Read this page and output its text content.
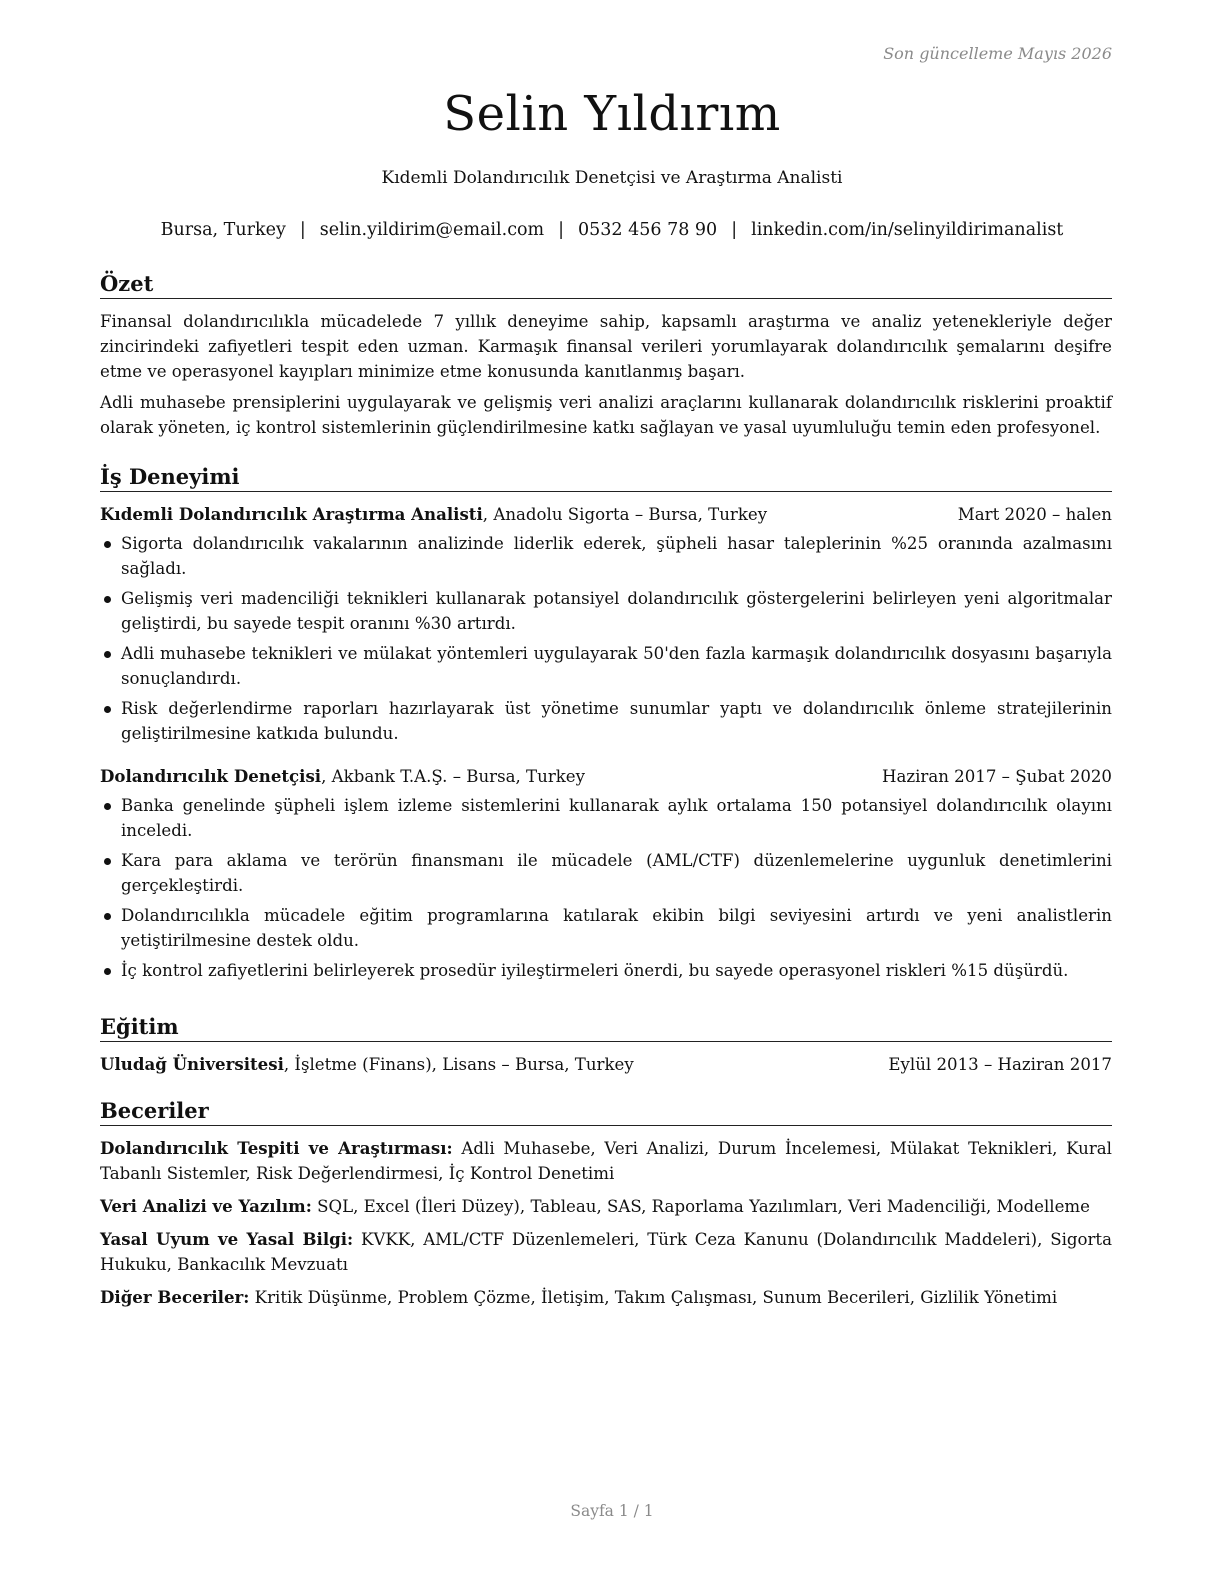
Son güncelleme Mayıs 2026
Selin Yıldırım
Kıdemli Dolandırıcılık Denetçisi ve Araştırma Analisti
Bursa, Turkey | selin.yildirim@email.com | 0532 456 78 90 | linkedin.com/in/selinyildirimanalist
Özet

Finansal dolandırıcılıkla mücadelede 7 yıllık deneyime sahip, kapsamlı araştırma ve analiz yetenekleriyle değer zincirindeki zafiyetleri tespit eden uzman. Karmaşık finansal verileri yorumlayarak dolandırıcılık şemalarını deşifre etme ve operasyonel kayıpları minimize etme konusunda kanıtlanmış başarı.

Adli muhasebe prensiplerini uygulayarak ve gelişmiş veri analizi araçlarını kullanarak dolandırıcılık risklerini proaktif olarak yöneten, iç kontrol sistemlerinin güçlendirilmesine katkı sağlayan ve yasal uyumluluğu temin eden profesyonel.

İş Deneyimi
Kıdemli Dolandırıcılık Araştırma Analisti, Anadolu Sigorta – Bursa, Turkey	Mart 2020 – halen
Sigorta dolandırıcılık vakalarının analizinde liderlik ederek, şüpheli hasar taleplerinin %25 oranında azalmasını sağladı.
Gelişmiş veri madenciliği teknikleri kullanarak potansiyel dolandırıcılık göstergelerini belirleyen yeni algoritmalar geliştirdi, bu sayede tespit oranını %30 artırdı.
Adli muhasebe teknikleri ve mülakat yöntemleri uygulayarak 50'den fazla karmaşık dolandırıcılık dosyasını başarıyla sonuçlandırdı.
Risk değerlendirme raporları hazırlayarak üst yönetime sunumlar yaptı ve dolandırıcılık önleme stratejilerinin geliştirilmesine katkıda bulundu.
Dolandırıcılık Denetçisi, Akbank T.A.Ş. – Bursa, Turkey	Haziran 2017 – Şubat 2020
Banka genelinde şüpheli işlem izleme sistemlerini kullanarak aylık ortalama 150 potansiyel dolandırıcılık olayını inceledi.
Kara para aklama ve terörün finansmanı ile mücadele (AML/CTF) düzenlemelerine uygunluk denetimlerini gerçekleştirdi.
Dolandırıcılıkla mücadele eğitim programlarına katılarak ekibin bilgi seviyesini artırdı ve yeni analistlerin yetiştirilmesine destek oldu.
İç kontrol zafiyetlerini belirleyerek prosedür iyileştirmeleri önerdi, bu sayede operasyonel riskleri %15 düşürdü.
Eğitim
Uludağ Üniversitesi, İşletme (Finans), Lisans – Bursa, Turkey	Eylül 2013 – Haziran 2017
Beceriler
Dolandırıcılık Tespiti ve Araştırması: Adli Muhasebe, Veri Analizi, Durum İncelemesi, Mülakat Teknikleri, Kural Tabanlı Sistemler, Risk Değerlendirmesi, İç Kontrol Denetimi
Veri Analizi ve Yazılım: SQL, Excel (İleri Düzey), Tableau, SAS, Raporlama Yazılımları, Veri Madenciliği, Modelleme
Yasal Uyum ve Yasal Bilgi: KVKK, AML/CTF Düzenlemeleri, Türk Ceza Kanunu (Dolandırıcılık Maddeleri), Sigorta Hukuku, Bankacılık Mevzuatı
Diğer Beceriler: Kritik Düşünme, Problem Çözme, İletişim, Takım Çalışması, Sunum Becerileri, Gizlilik Yönetimi
Sayfa 1 / 1
